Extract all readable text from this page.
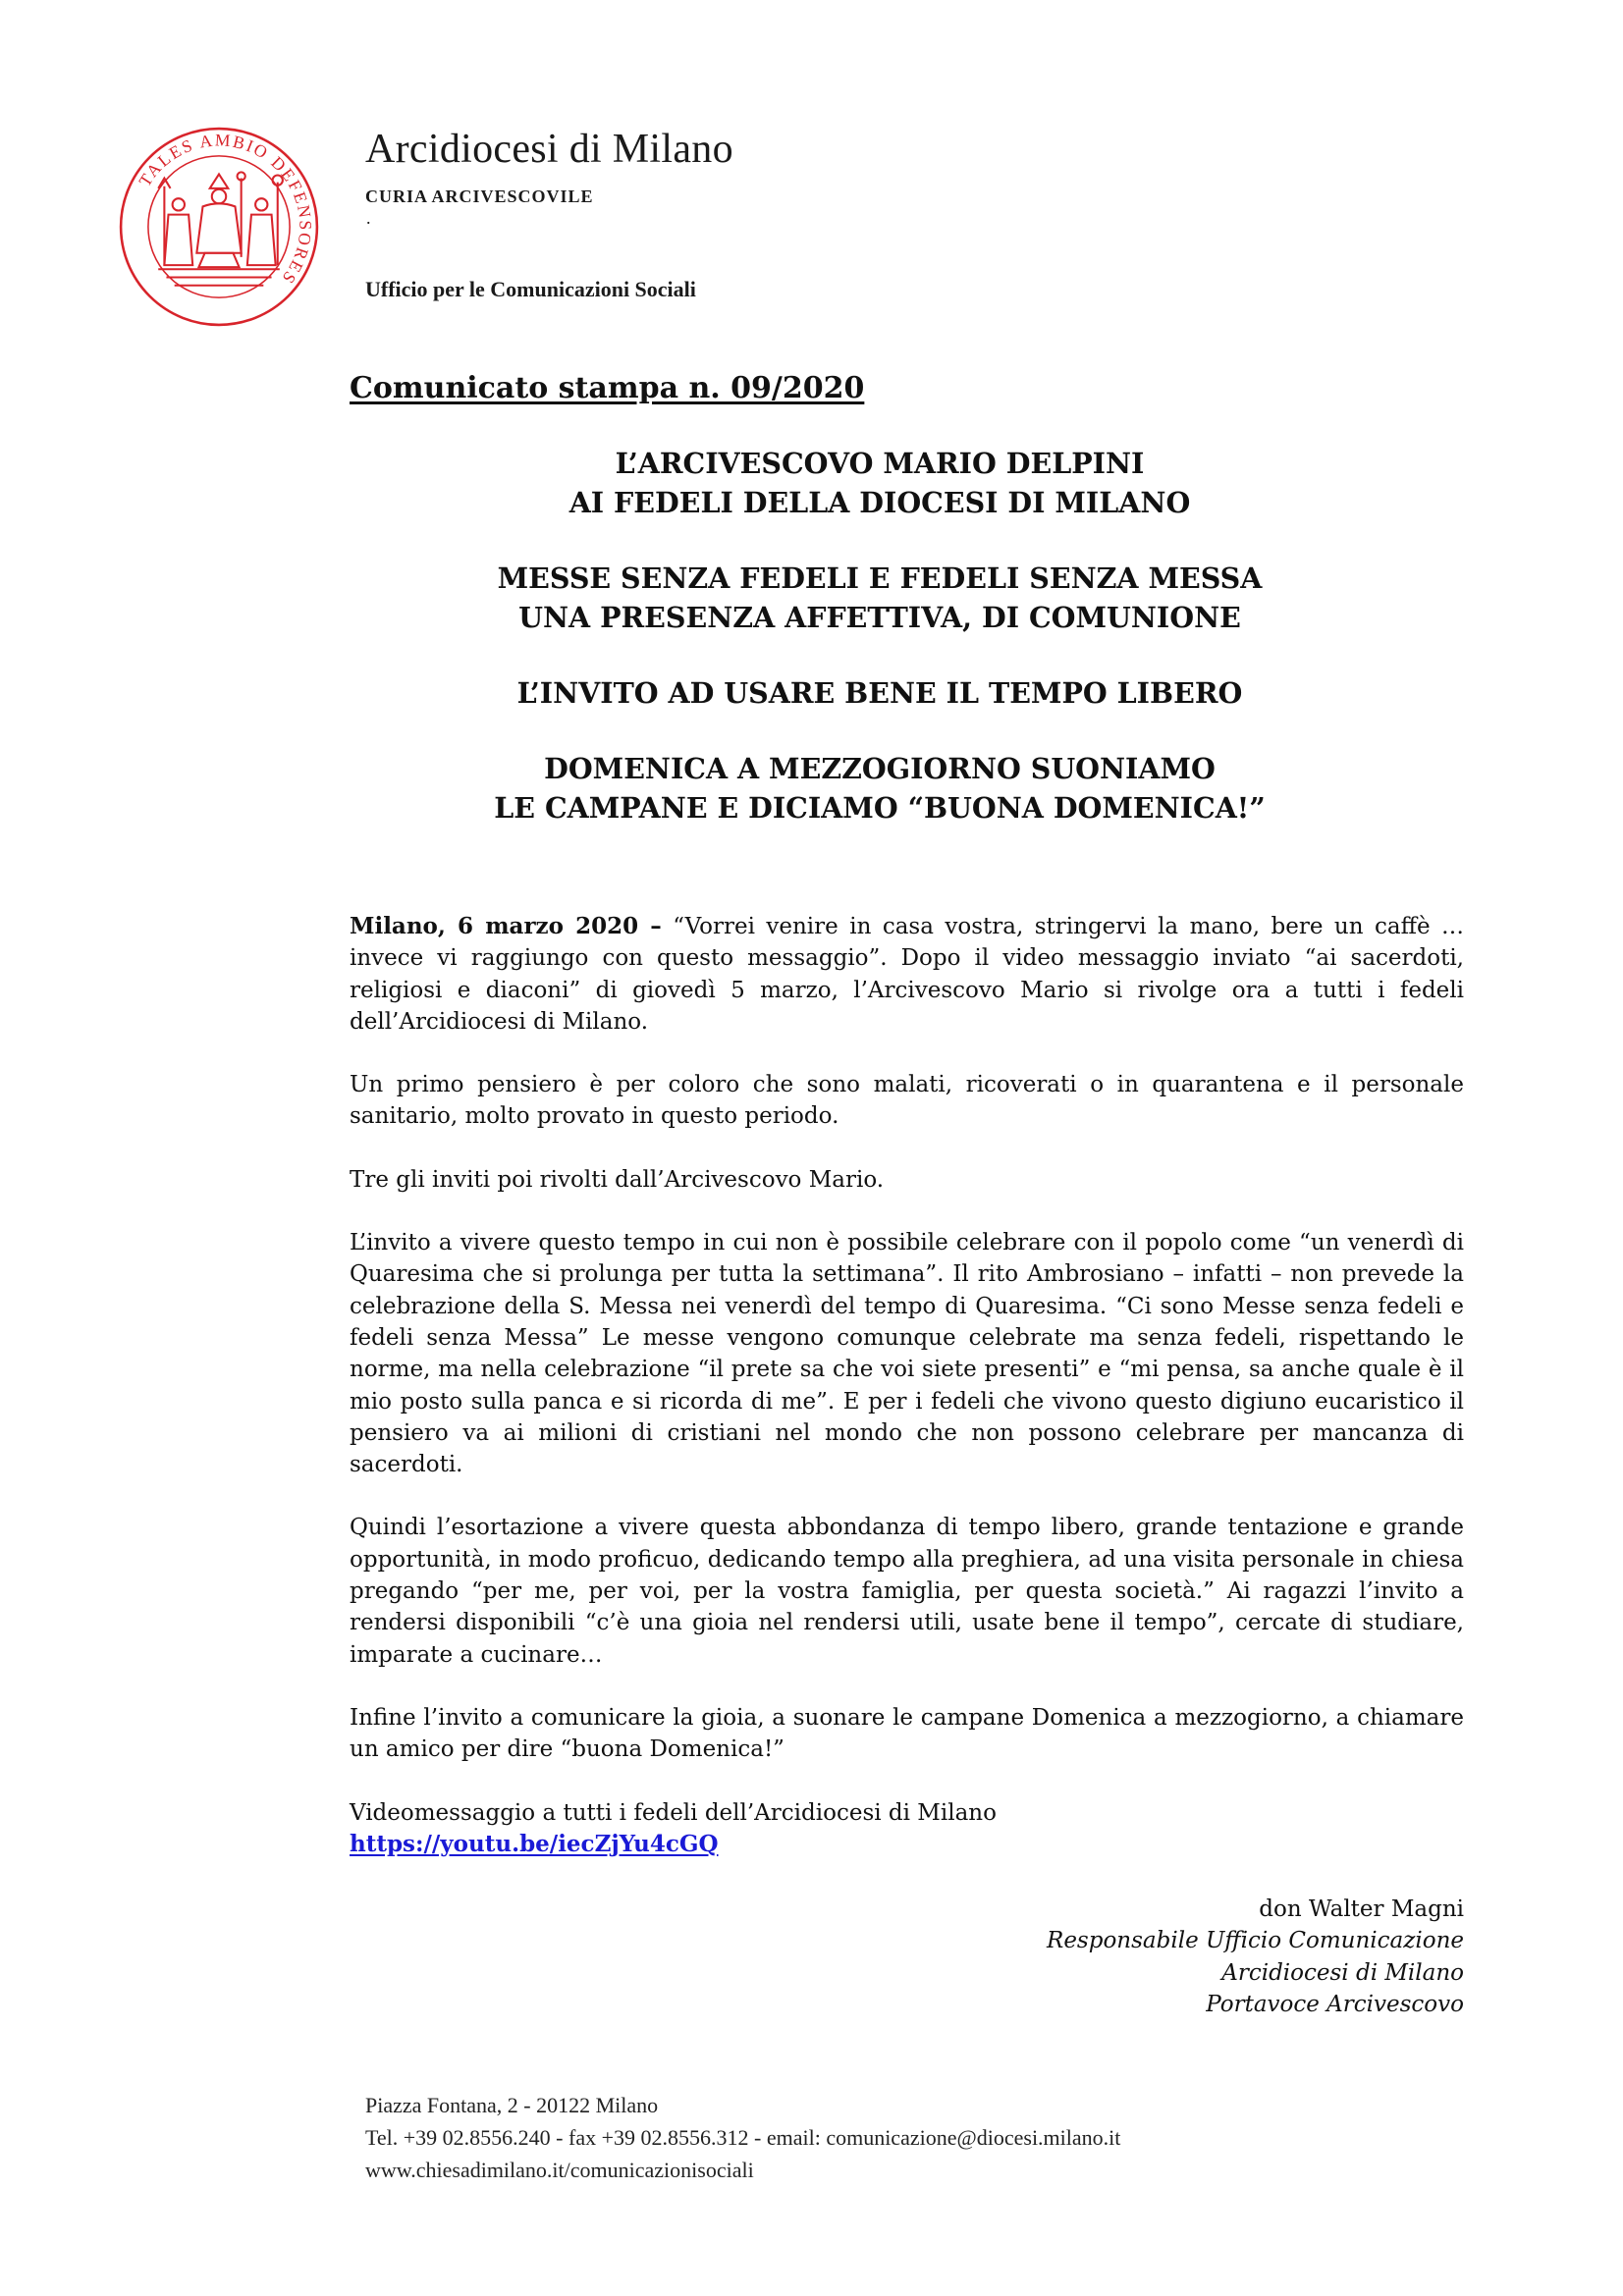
TALES AMBIO DEFENSORES
Arcidiocesi di Milano
CURIA ARCIVESCOVILE
.
Ufficio per le Comunicazioni Sociali
Comunicato stampa n. 09/2020
L’ARCIVESCOVO MARIO DELPINI
AI FEDELI DELLA DIOCESI DI MILANO
MESSE SENZA FEDELI E FEDELI SENZA MESSA
UNA PRESENZA AFFETTIVA, DI COMUNIONE
L’INVITO AD USARE BENE IL TEMPO LIBERO
DOMENICA A MEZZOGIORNO SUONIAMO
LE CAMPANE E DICIAMO “BUONA DOMENICA!”

Milano, 6 marzo 2020 – “Vorrei venire in casa vostra, stringervi la mano, bere un caffè … invece vi raggiungo con questo messaggio”. Dopo il video messaggio inviato “ai sacerdoti, religiosi e diaconi” di giovedì 5 marzo, l’Arcivescovo Mario si rivolge ora a tutti i fedeli dell’Arcidiocesi di Milano.

Un primo pensiero è per coloro che sono malati, ricoverati o in quarantena e il personale sanitario, molto provato in questo periodo.

Tre gli inviti poi rivolti dall’Arcivescovo Mario.

L’invito a vivere questo tempo in cui non è possibile celebrare con il popolo come “un venerdì di Quaresima che si prolunga per tutta la settimana”. Il rito Ambrosiano – infatti – non prevede la celebrazione della S. Messa nei venerdì del tempo di Quaresima. “Ci sono Messe senza fedeli e fedeli senza Messa” Le messe vengono comunque celebrate ma senza fedeli, rispettando le norme, ma nella celebrazione “il prete sa che voi siete presenti” e “mi pensa, sa anche quale è il mio posto sulla panca e si ricorda di me”. E per i fedeli che vivono questo digiuno eucaristico il pensiero va ai milioni di cristiani nel mondo che non possono celebrare per mancanza di sacerdoti.

Quindi l’esortazione a vivere questa abbondanza di tempo libero, grande tentazione e grande opportunità, in modo proficuo, dedicando tempo alla preghiera, ad una visita personale in chiesa pregando “per me, per voi, per la vostra famiglia, per questa società.” Ai ragazzi l’invito a rendersi disponibili “c’è una gioia nel rendersi utili, usate bene il tempo”, cercate di studiare, imparate a cucinare…

Infine l’invito a comunicare la gioia, a suonare le campane Domenica a mezzogiorno, a chiamare un amico per dire “buona Domenica!”

Videomessaggio a tutti i fedeli dell’Arcidiocesi di Milano
https://youtu.be/iecZjYu4cGQ

don Walter Magni
Responsabile Ufficio Comunicazione
Arcidiocesi di Milano
Portavoce Arcivescovo
Piazza Fontana, 2 - 20122 Milano
Tel. +39 02.8556.240 - fax +39 02.8556.312 - email: comunicazione@diocesi.milano.it
www.chiesadimilano.it/comunicazionisociali
